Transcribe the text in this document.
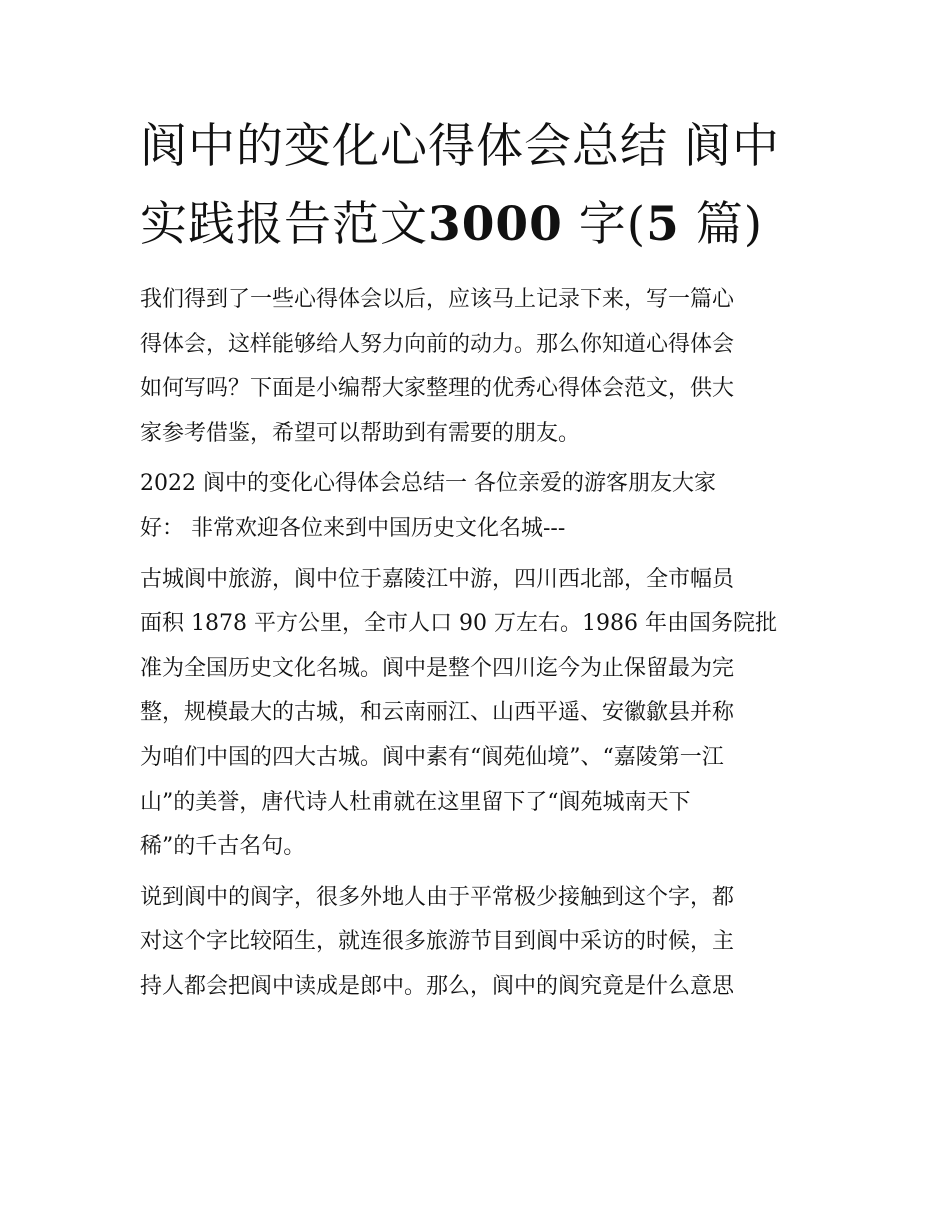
阆中的变化心得体会总结 阆中
实践报告范文3000 字(5 篇)

我们得到了一些心得体会以后，应该马上记录下来，写一篇心
得体会，这样能够给人努力向前的动力。那么你知道心得体会
如何写吗？下面是小编帮大家整理的优秀心得体会范文，供大
家参考借鉴，希望可以帮助到有需要的朋友。

2022 阆中的变化心得体会总结一 各位亲爱的游客朋友大家
好： 非常欢迎各位来到中国历史文化名城---

古城阆中旅游，阆中位于嘉陵江中游，四川西北部，全市幅员
面积 1878 平方公里，全市人口 90 万左右。1986 年由国务院批
准为全国历史文化名城。阆中是整个四川迄今为止保留最为完
整，规模最大的古城，和云南丽江、山西平遥、安徽歙县并称
为咱们中国的四大古城。阆中素有“阆苑仙境”、“嘉陵第一江
山”的美誉，唐代诗人杜甫就在这里留下了“阆苑城南天下
稀”的千古名句。

说到阆中的阆字，很多外地人由于平常极少接触到这个字，都
对这个字比较陌生，就连很多旅游节目到阆中采访的时候，主
持人都会把阆中读成是郎中。那么，阆中的阆究竟是什么意思
